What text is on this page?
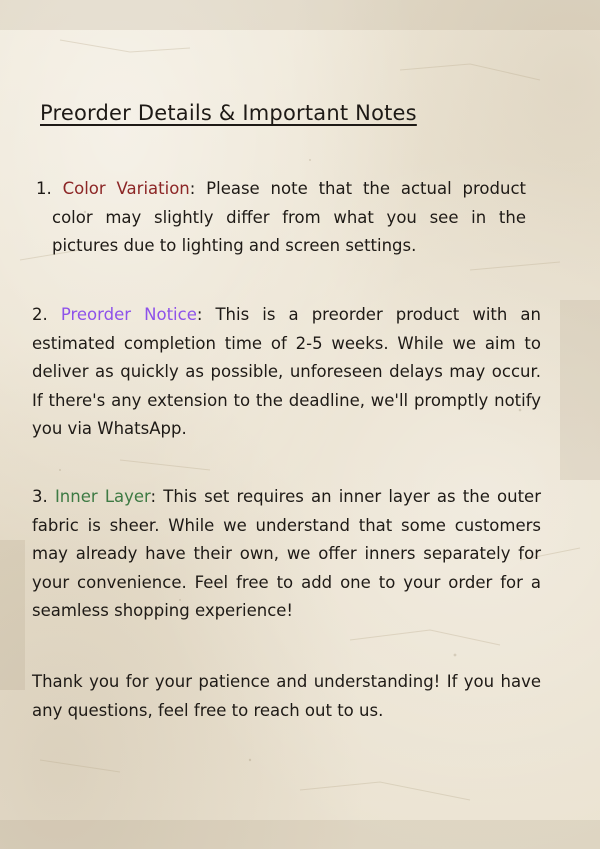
Preorder Details & Important Notes

1. Color Variation: Please note that the actual product color may slightly differ from what you see in the pictures due to lighting and screen settings.

2. Preorder Notice: This is a preorder product with an estimated completion time of 2-5 weeks. While we aim to deliver as quickly as possible, unforeseen delays may occur. If there's any extension to the deadline, we'll promptly notify you via WhatsApp.

3. Inner Layer: This set requires an inner layer as the outer fabric is sheer. While we understand that some customers may already have their own, we offer inners separately for your convenience. Feel free to add one to your order for a seamless shopping experience!

Thank you for your patience and understanding! If you have any questions, feel free to reach out to us.
